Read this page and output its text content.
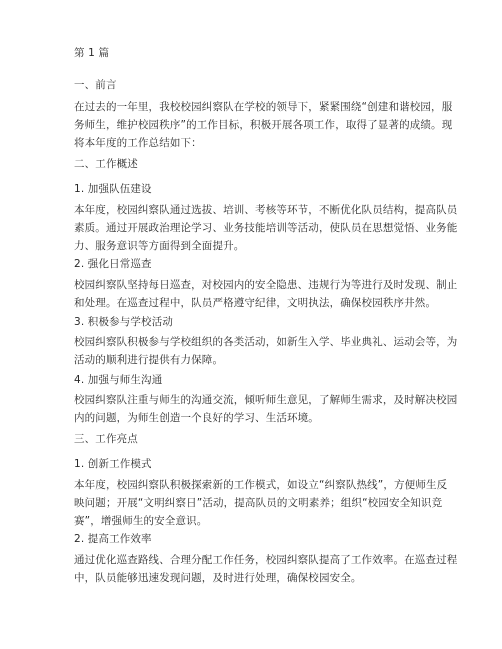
第 1 篇
一、前言
在过去的一年里，我校校园纠察队在学校的领导下，紧紧围绕“创建和谐校园，服
务师生，维护校园秩序”的工作目标，积极开展各项工作，取得了显著的成绩。现
将本年度的工作总结如下：
二、工作概述
1. 加强队伍建设
本年度，校园纠察队通过选拔、培训、考核等环节，不断优化队员结构，提高队员
素质。通过开展政治理论学习、业务技能培训等活动，使队员在思想觉悟、业务能
力、服务意识等方面得到全面提升。
2. 强化日常巡查
校园纠察队坚持每日巡查，对校园内的安全隐患、违规行为等进行及时发现、制止
和处理。在巡查过程中，队员严格遵守纪律，文明执法，确保校园秩序井然。
3. 积极参与学校活动
校园纠察队积极参与学校组织的各类活动，如新生入学、毕业典礼、运动会等，为
活动的顺利进行提供有力保障。
4. 加强与师生沟通
校园纠察队注重与师生的沟通交流，倾听师生意见，了解师生需求，及时解决校园
内的问题，为师生创造一个良好的学习、生活环境。
三、工作亮点
1. 创新工作模式
本年度，校园纠察队积极探索新的工作模式，如设立“纠察队热线”，方便师生反
映问题；开展“文明纠察日”活动，提高队员的文明素养；组织“校园安全知识竞
赛”，增强师生的安全意识。
2. 提高工作效率
通过优化巡查路线、合理分配工作任务，校园纠察队提高了工作效率。在巡查过程
中，队员能够迅速发现问题，及时进行处理，确保校园安全。
